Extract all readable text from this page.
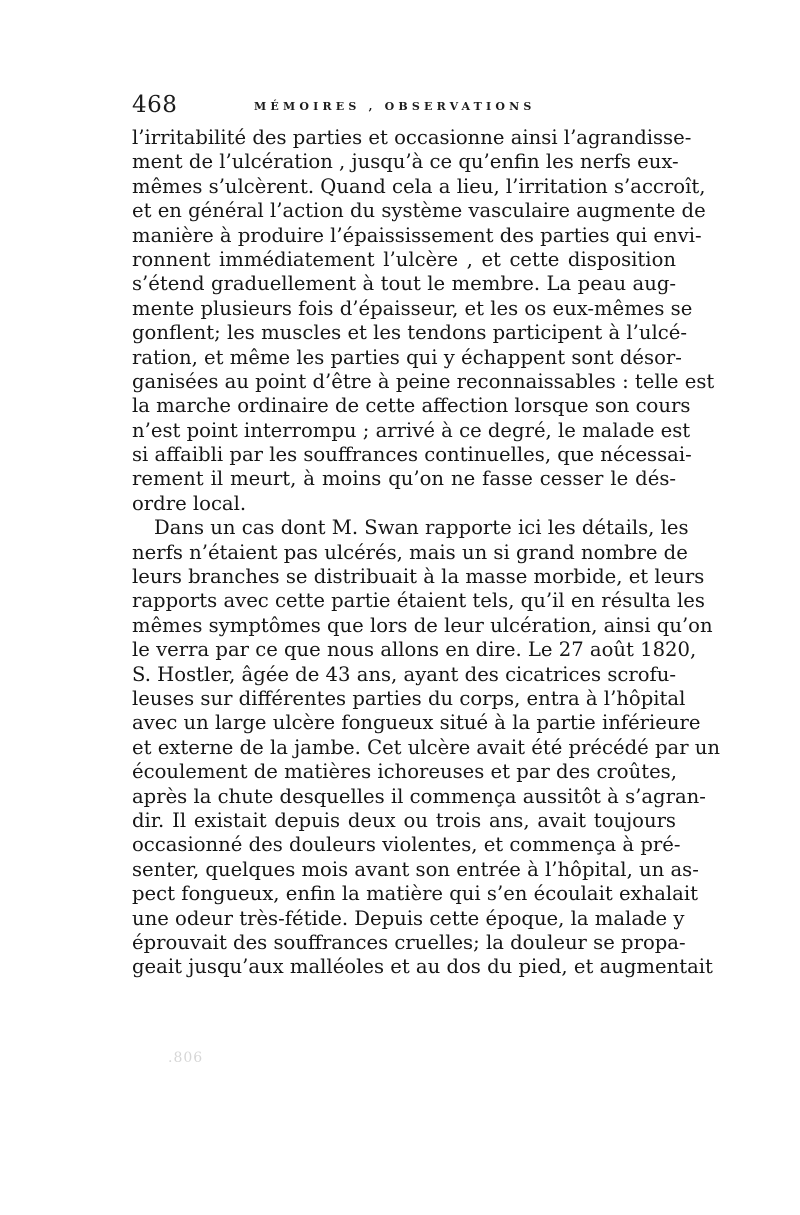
468	MÉMOIRES , OBSERVATIONS
l’irritabilité des parties et occasionne ainsi l’agrandisse-
ment de l’ulcération , jusqu’à ce qu’enfin les nerfs eux-
mêmes s’ulcèrent. Quand cela a lieu, l’irritation s’accroît,
et en général l’action du système vasculaire augmente de
manière à produire l’épaississement des parties qui envi-
ronnent immédiatement l’ulcère , et cette disposition
s’étend graduellement à tout le membre. La peau aug-
mente plusieurs fois d’épaisseur, et les os eux-mêmes se
gonflent; les muscles et les tendons participent à l’ulcé-
ration, et même les parties qui y échappent sont désor-
ganisées au point d’être à peine reconnaissables : telle est
la marche ordinaire de cette affection lorsque son cours
n’est point interrompu ; arrivé à ce degré, le malade est
si affaibli par les souffrances continuelles, que nécessai-
rement il meurt, à moins qu’on ne fasse cesser le dés-
ordre local.
Dans un cas dont M. Swan rapporte ici les détails, les
nerfs n’étaient pas ulcérés, mais un si grand nombre de
leurs branches se distribuait à la masse morbide, et leurs
rapports avec cette partie étaient tels, qu’il en résulta les
mêmes symptômes que lors de leur ulcération, ainsi qu’on
le verra par ce que nous allons en dire. Le 27 août 1820,
S. Hostler, âgée de 43 ans, ayant des cicatrices scrofu-
leuses sur différentes parties du corps, entra à l’hôpital
avec un large ulcère fongueux situé à la partie inférieure
et externe de la jambe. Cet ulcère avait été précédé par un
écoulement de matières ichoreuses et par des croûtes,
après la chute desquelles il commença aussitôt à s’agran-
dir. Il existait depuis deux ou trois ans, avait toujours
occasionné des douleurs violentes, et commença à pré-
senter, quelques mois avant son entrée à l’hôpital, un as-
pect fongueux, enfin la matière qui s’en écoulait exhalait
une odeur très-fétide. Depuis cette époque, la malade y
éprouvait des souffrances cruelles; la douleur se propa-
geait jusqu’aux malléoles et au dos du pied, et augmentait
.806
